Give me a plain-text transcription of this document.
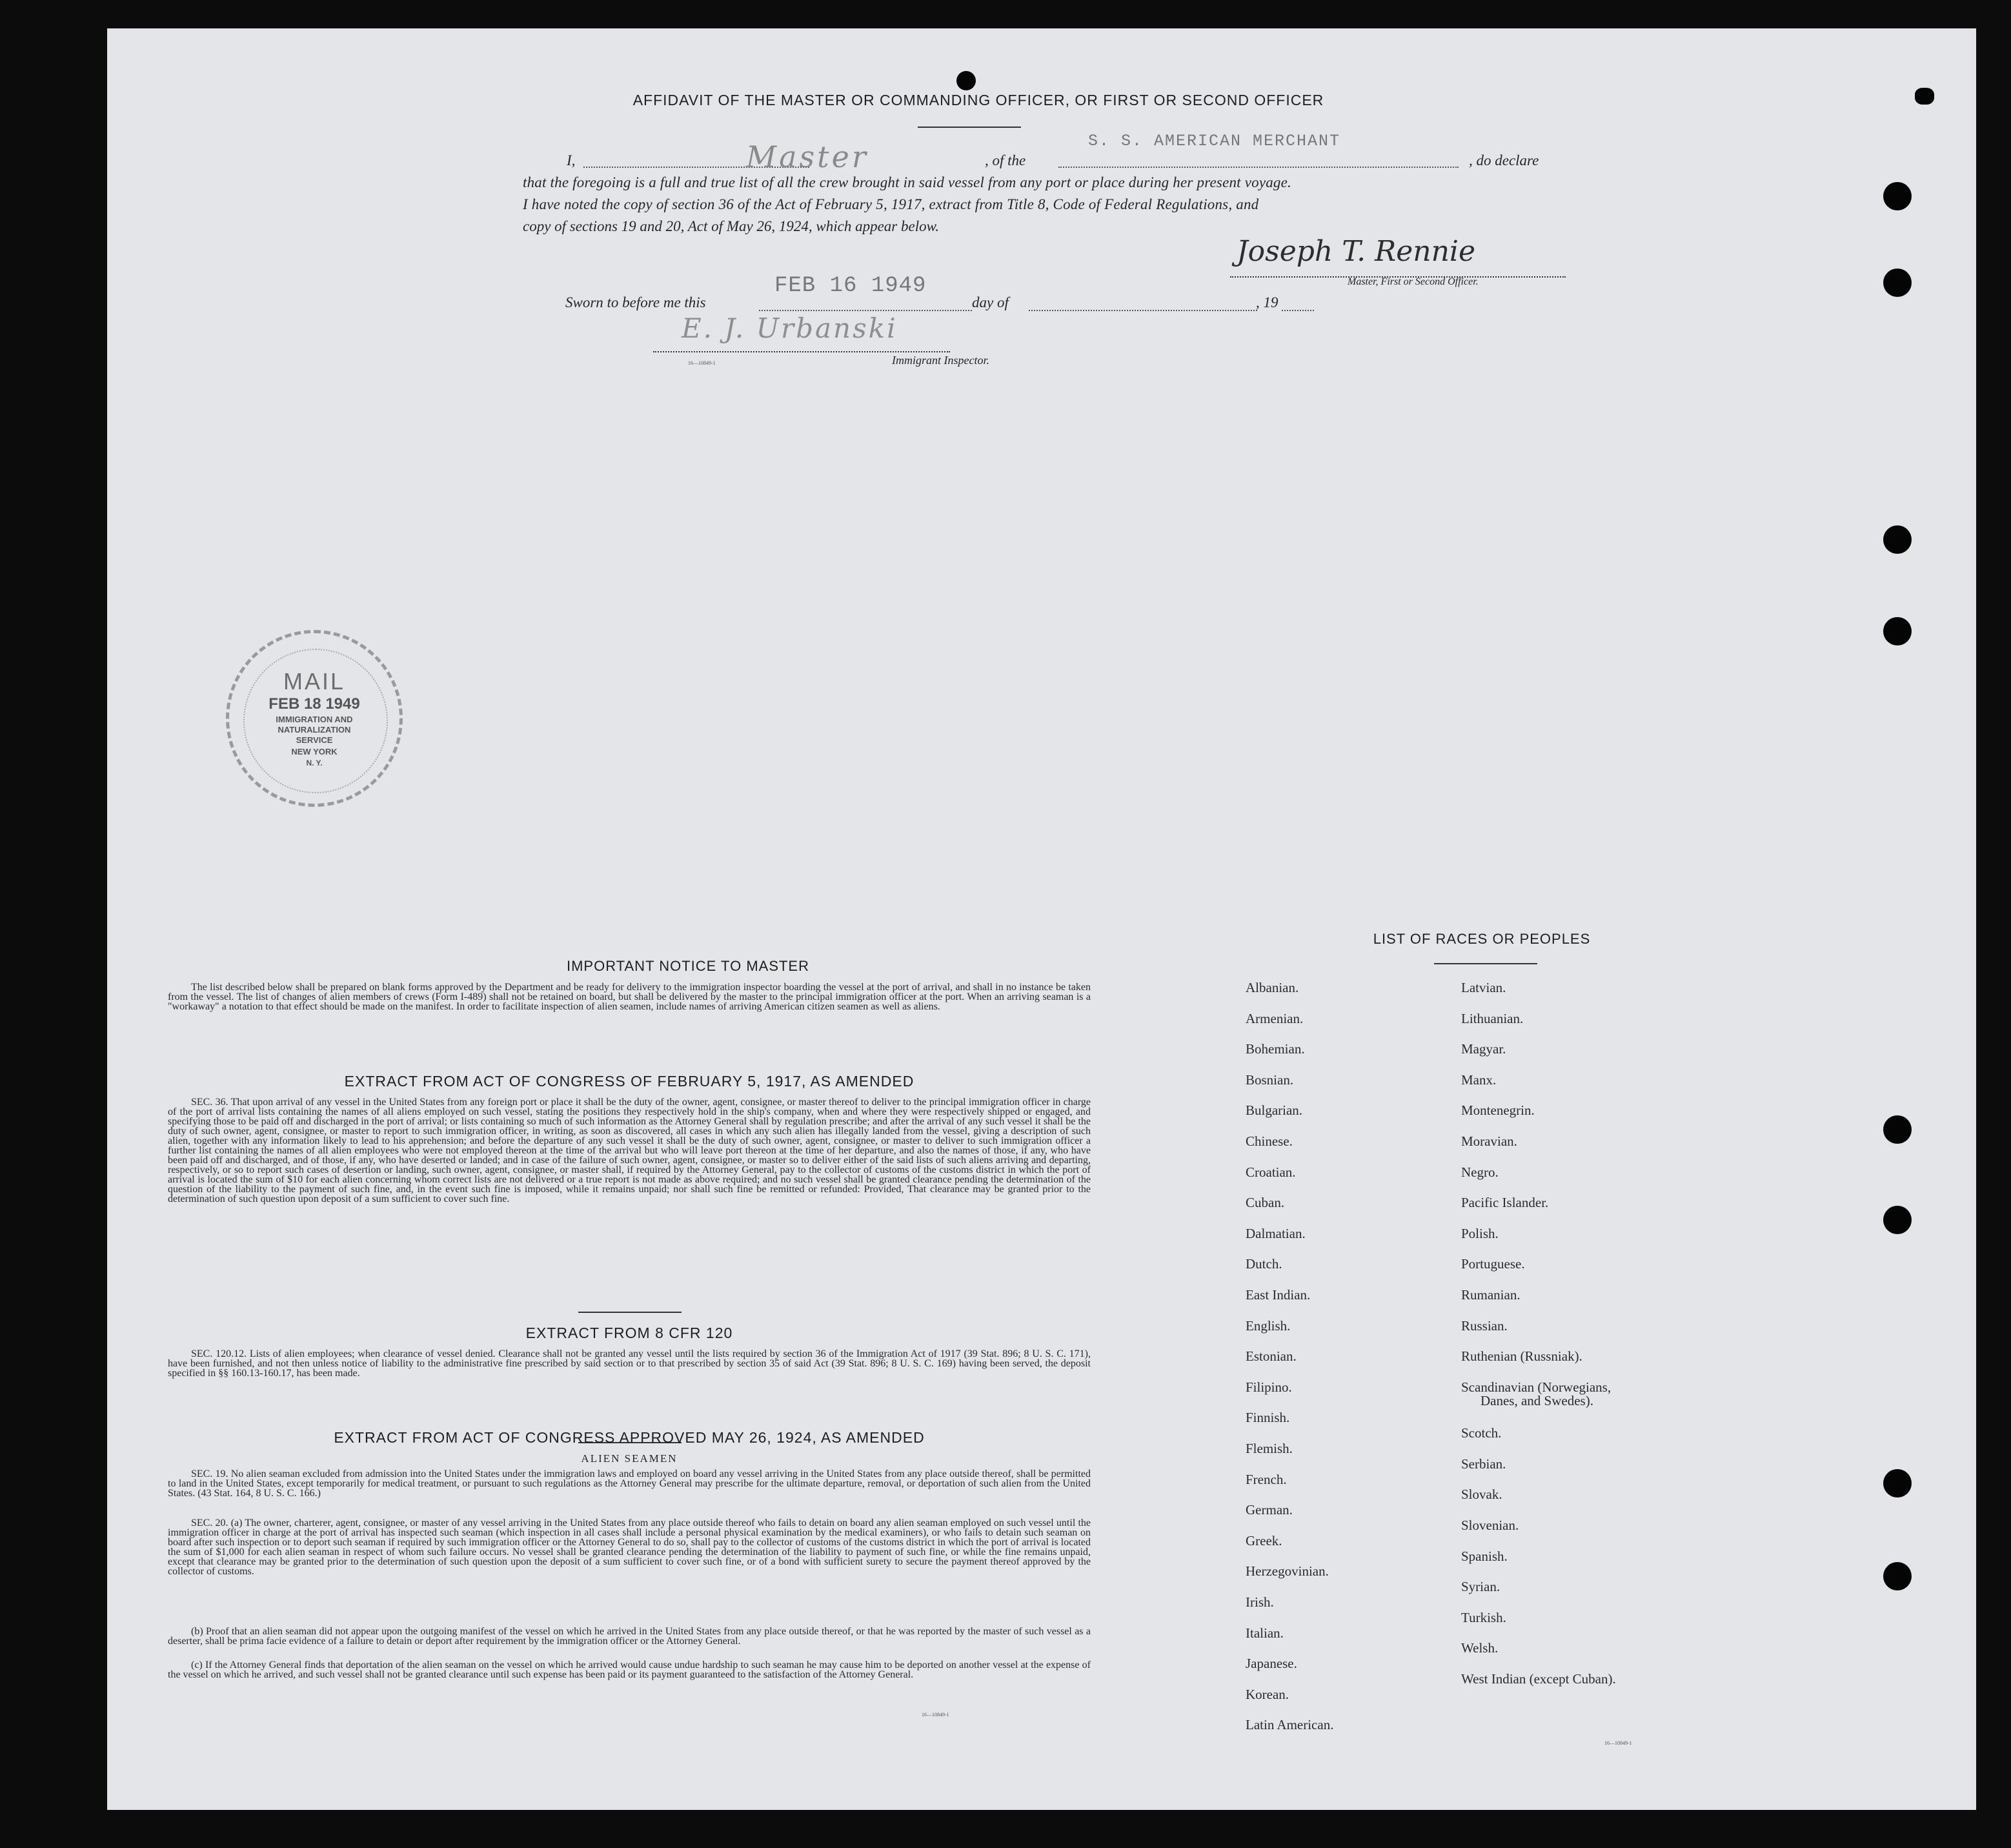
AFFIDAVIT OF THE MASTER OR COMMANDING OFFICER, OR FIRST OR SECOND OFFICER
I,	Master	, of the
S. S. AMERICAN MERCHANT
, do declare
that the foregoing is a full and true list of all the crew brought in said vessel from any port or place during her present voyage.
I have noted the copy of section 36 of the Act of February 5, 1917, extract from Title 8, Code of Federal Regulations, and
copy of sections 19 and 20, Act of May 26, 1924, which appear below.
Joseph T. Rennie
Master, First or Second Officer.
Sworn to before me this
FEB 16 1949
day of	, 19
E. J. Urbanski
16—10849-1	Immigrant Inspector.
MAIL
FEB 18 1949
IMMIGRATION AND
NATURALIZATION
SERVICE
NEW YORK
N. Y.
IMPORTANT NOTICE TO MASTER
The list described below shall be prepared on blank forms approved by the Department and be ready for delivery to the immigration inspector boarding the vessel at the port of arrival, and shall in no instance be taken from the vessel. The list of changes of alien members of crews (Form I-489) shall not be retained on board, but shall be delivered by the master to the principal immigration officer at the port. When an arriving seaman is a "workaway" a notation to that effect should be made on the manifest. In order to facilitate inspection of alien seamen, include names of arriving American citizen seamen as well as aliens.
EXTRACT FROM ACT OF CONGRESS OF FEBRUARY 5, 1917, AS AMENDED
SEC. 36. That upon arrival of any vessel in the United States from any foreign port or place it shall be the duty of the owner, agent, consignee, or master thereof to deliver to the principal immigration officer in charge of the port of arrival lists containing the names of all aliens employed on such vessel, stating the positions they respectively hold in the ship's company, when and where they were respectively shipped or engaged, and specifying those to be paid off and discharged in the port of arrival; or lists containing so much of such information as the Attorney General shall by regulation prescribe; and after the arrival of any such vessel it shall be the duty of such owner, agent, consignee, or master to report to such immigration officer, in writing, as soon as discovered, all cases in which any such alien has illegally landed from the vessel, giving a description of such alien, together with any information likely to lead to his apprehension; and before the departure of any such vessel it shall be the duty of such owner, agent, consignee, or master to deliver to such immigration officer a further list containing the names of all alien employees who were not employed thereon at the time of the arrival but who will leave port thereon at the time of her departure, and also the names of those, if any, who have been paid off and discharged, and of those, if any, who have deserted or landed; and in case of the failure of such owner, agent, consignee, or master so to deliver either of the said lists of such aliens arriving and departing, respectively, or so to report such cases of desertion or landing, such owner, agent, consignee, or master shall, if required by the Attorney General, pay to the collector of customs of the customs district in which the port of arrival is located the sum of $10 for each alien concerning whom correct lists are not delivered or a true report is not made as above required; and no such vessel shall be granted clearance pending the determination of the question of the liability to the payment of such fine, and, in the event such fine is imposed, while it remains unpaid; nor shall such fine be remitted or refunded: Provided, That clearance may be granted prior to the determination of such question upon deposit of a sum sufficient to cover such fine.
EXTRACT FROM 8 CFR 120
SEC. 120.12. Lists of alien employees; when clearance of vessel denied. Clearance shall not be granted any vessel until the lists required by section 36 of the Immigration Act of 1917 (39 Stat. 896; 8 U. S. C. 171), have been furnished, and not then unless notice of liability to the administrative fine prescribed by said section or to that prescribed by section 35 of said Act (39 Stat. 896; 8 U. S. C. 169) having been served, the deposit specified in §§ 160.13-160.17, has been made.
EXTRACT FROM ACT OF CONGRESS APPROVED MAY 26, 1924, AS AMENDED
ALIEN SEAMEN
SEC. 19. No alien seaman excluded from admission into the United States under the immigration laws and employed on board any vessel arriving in the United States from any place outside thereof, shall be permitted to land in the United States, except temporarily for medical treatment, or pursuant to such regulations as the Attorney General may prescribe for the ultimate departure, removal, or deportation of such alien from the United States. (43 Stat. 164, 8 U. S. C. 166.)
SEC. 20. (a) The owner, charterer, agent, consignee, or master of any vessel arriving in the United States from any place outside thereof who fails to detain on board any alien seaman employed on such vessel until the immigration officer in charge at the port of arrival has inspected such seaman (which inspection in all cases shall include a personal physical examination by the medical examiners), or who fails to detain such seaman on board after such inspection or to deport such seaman if required by such immigration officer or the Attorney General to do so, shall pay to the collector of customs of the customs district in which the port of arrival is located the sum of $1,000 for each alien seaman in respect of whom such failure occurs. No vessel shall be granted clearance pending the determination of the liability to payment of such fine, or while the fine remains unpaid, except that clearance may be granted prior to the determination of such question upon the deposit of a sum sufficient to cover such fine, or of a bond with sufficient surety to secure the payment thereof approved by the collector of customs.
(b) Proof that an alien seaman did not appear upon the outgoing manifest of the vessel on which he arrived in the United States from any place outside thereof, or that he was reported by the master of such vessel as a deserter, shall be prima facie evidence of a failure to detain or deport after requirement by the immigration officer or the Attorney General.
(c) If the Attorney General finds that deportation of the alien seaman on the vessel on which he arrived would cause undue hardship to such seaman he may cause him to be deported on another vessel at the expense of the vessel on which he arrived, and such vessel shall not be granted clearance until such expense has been paid or its payment guaranteed to the satisfaction of the Attorney General.
16—10849-1
LIST OF RACES OR PEOPLES
Albanian.
Armenian.
Bohemian.
Bosnian.
Bulgarian.
Chinese.
Croatian.
Cuban.
Dalmatian.
Dutch.
East Indian.
English.
Estonian.
Filipino.
Finnish.
Flemish.
French.
German.
Greek.
Herzegovinian.
Irish.
Italian.
Japanese.
Korean.
Latin American.
Latvian.
Lithuanian.
Magyar.
Manx.
Montenegrin.
Moravian.
Negro.
Pacific Islander.
Polish.
Portuguese.
Rumanian.
Russian.
Ruthenian (Russniak).
Scandinavian (Norwegians,
Danes, and Swedes).
Scotch.
Serbian.
Slovak.
Slovenian.
Spanish.
Syrian.
Turkish.
Welsh.
West Indian (except Cuban).
16—10849-1
